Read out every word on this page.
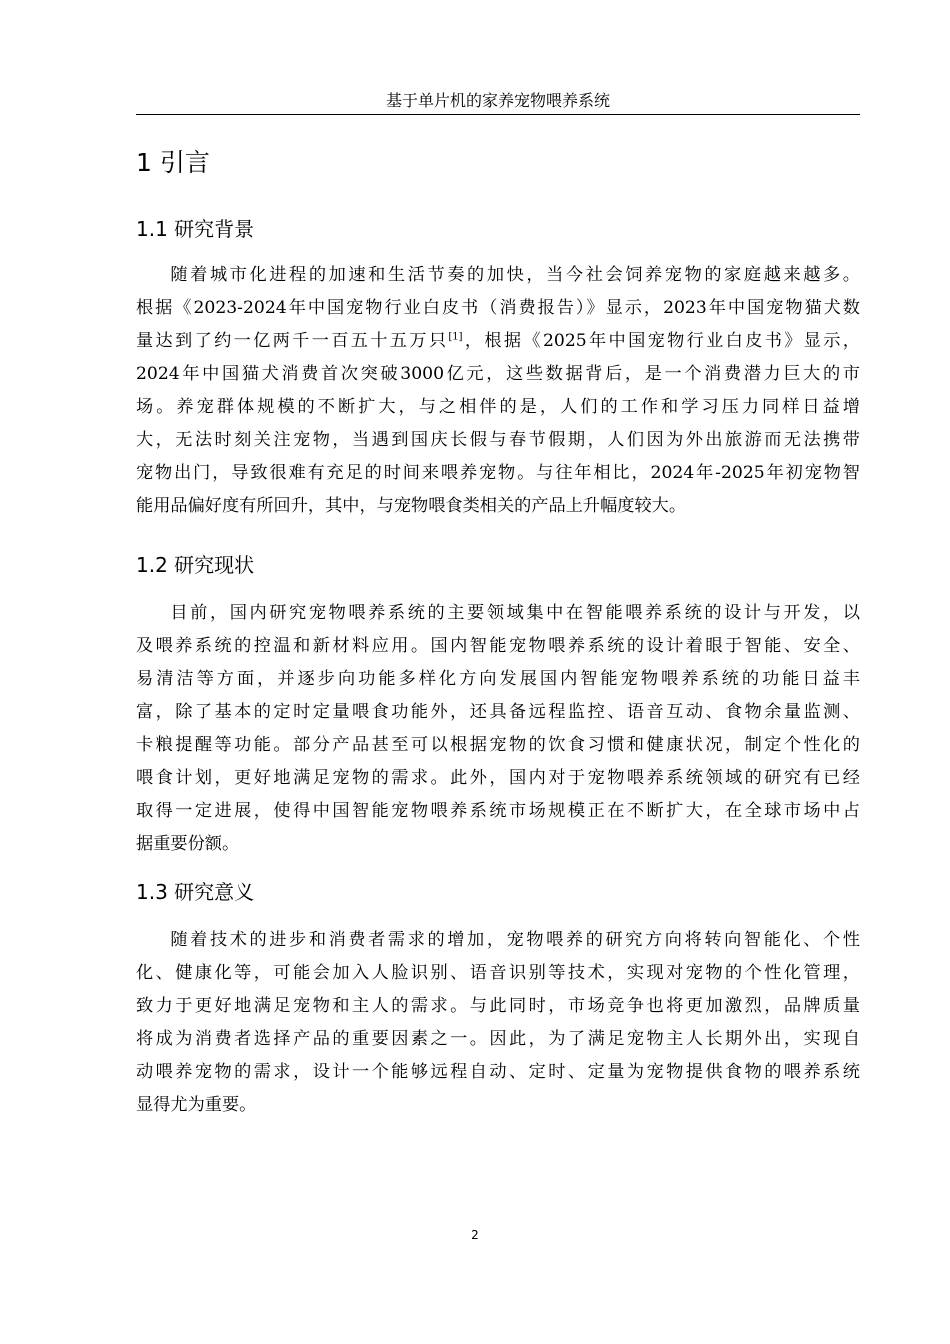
基于单片机的家养宠物喂养系统
1 引言
1.1 研究背景

随着城市化进程的加速和生活节奏的加快，当今社会饲养宠物的家庭越来越多。
根据《2023-2024年中国宠物行业白皮书（消费报告）》显示，2023年中国宠物猫犬数
量达到了约一亿两千一百五十五万只[1]，根据《2025年中国宠物行业白皮书》显示，
2024年中国猫犬消费首次突破3000亿元，这些数据背后，是一个消费潜力巨大的市
场。养宠群体规模的不断扩大，与之相伴的是，人们的工作和学习压力同样日益增
大，无法时刻关注宠物，当遇到国庆长假与春节假期，人们因为外出旅游而无法携带
宠物出门，导致很难有充足的时间来喂养宠物。与往年相比，2024年-2025年初宠物智
能用品偏好度有所回升，其中，与宠物喂食类相关的产品上升幅度较大。

1.2 研究现状

目前，国内研究宠物喂养系统的主要领域集中在智能喂养系统的设计与开发，以
及喂养系统的控温和新材料应用。国内智能宠物喂养系统的设计着眼于智能、安全、
易清洁等方面，并逐步向功能多样化方向发展国内智能宠物喂养系统的功能日益丰
富，除了基本的定时定量喂食功能外，还具备远程监控、语音互动、食物余量监测、
卡粮提醒等功能。部分产品甚至可以根据宠物的饮食习惯和健康状况，制定个性化的
喂食计划，更好地满足宠物的需求。此外，国内对于宠物喂养系统领域的研究有已经
取得一定进展，使得中国智能宠物喂养系统市场规模正在不断扩大，在全球市场中占
据重要份额。

1.3 研究意义

随着技术的进步和消费者需求的增加，宠物喂养的研究方向将转向智能化、个性
化、健康化等，可能会加入人脸识别、语音识别等技术，实现对宠物的个性化管理，
致力于更好地满足宠物和主人的需求。与此同时，市场竞争也将更加激烈，品牌质量
将成为消费者选择产品的重要因素之一。因此，为了满足宠物主人长期外出，实现自
动喂养宠物的需求，设计一个能够远程自动、定时、定量为宠物提供食物的喂养系统
显得尤为重要。

2
